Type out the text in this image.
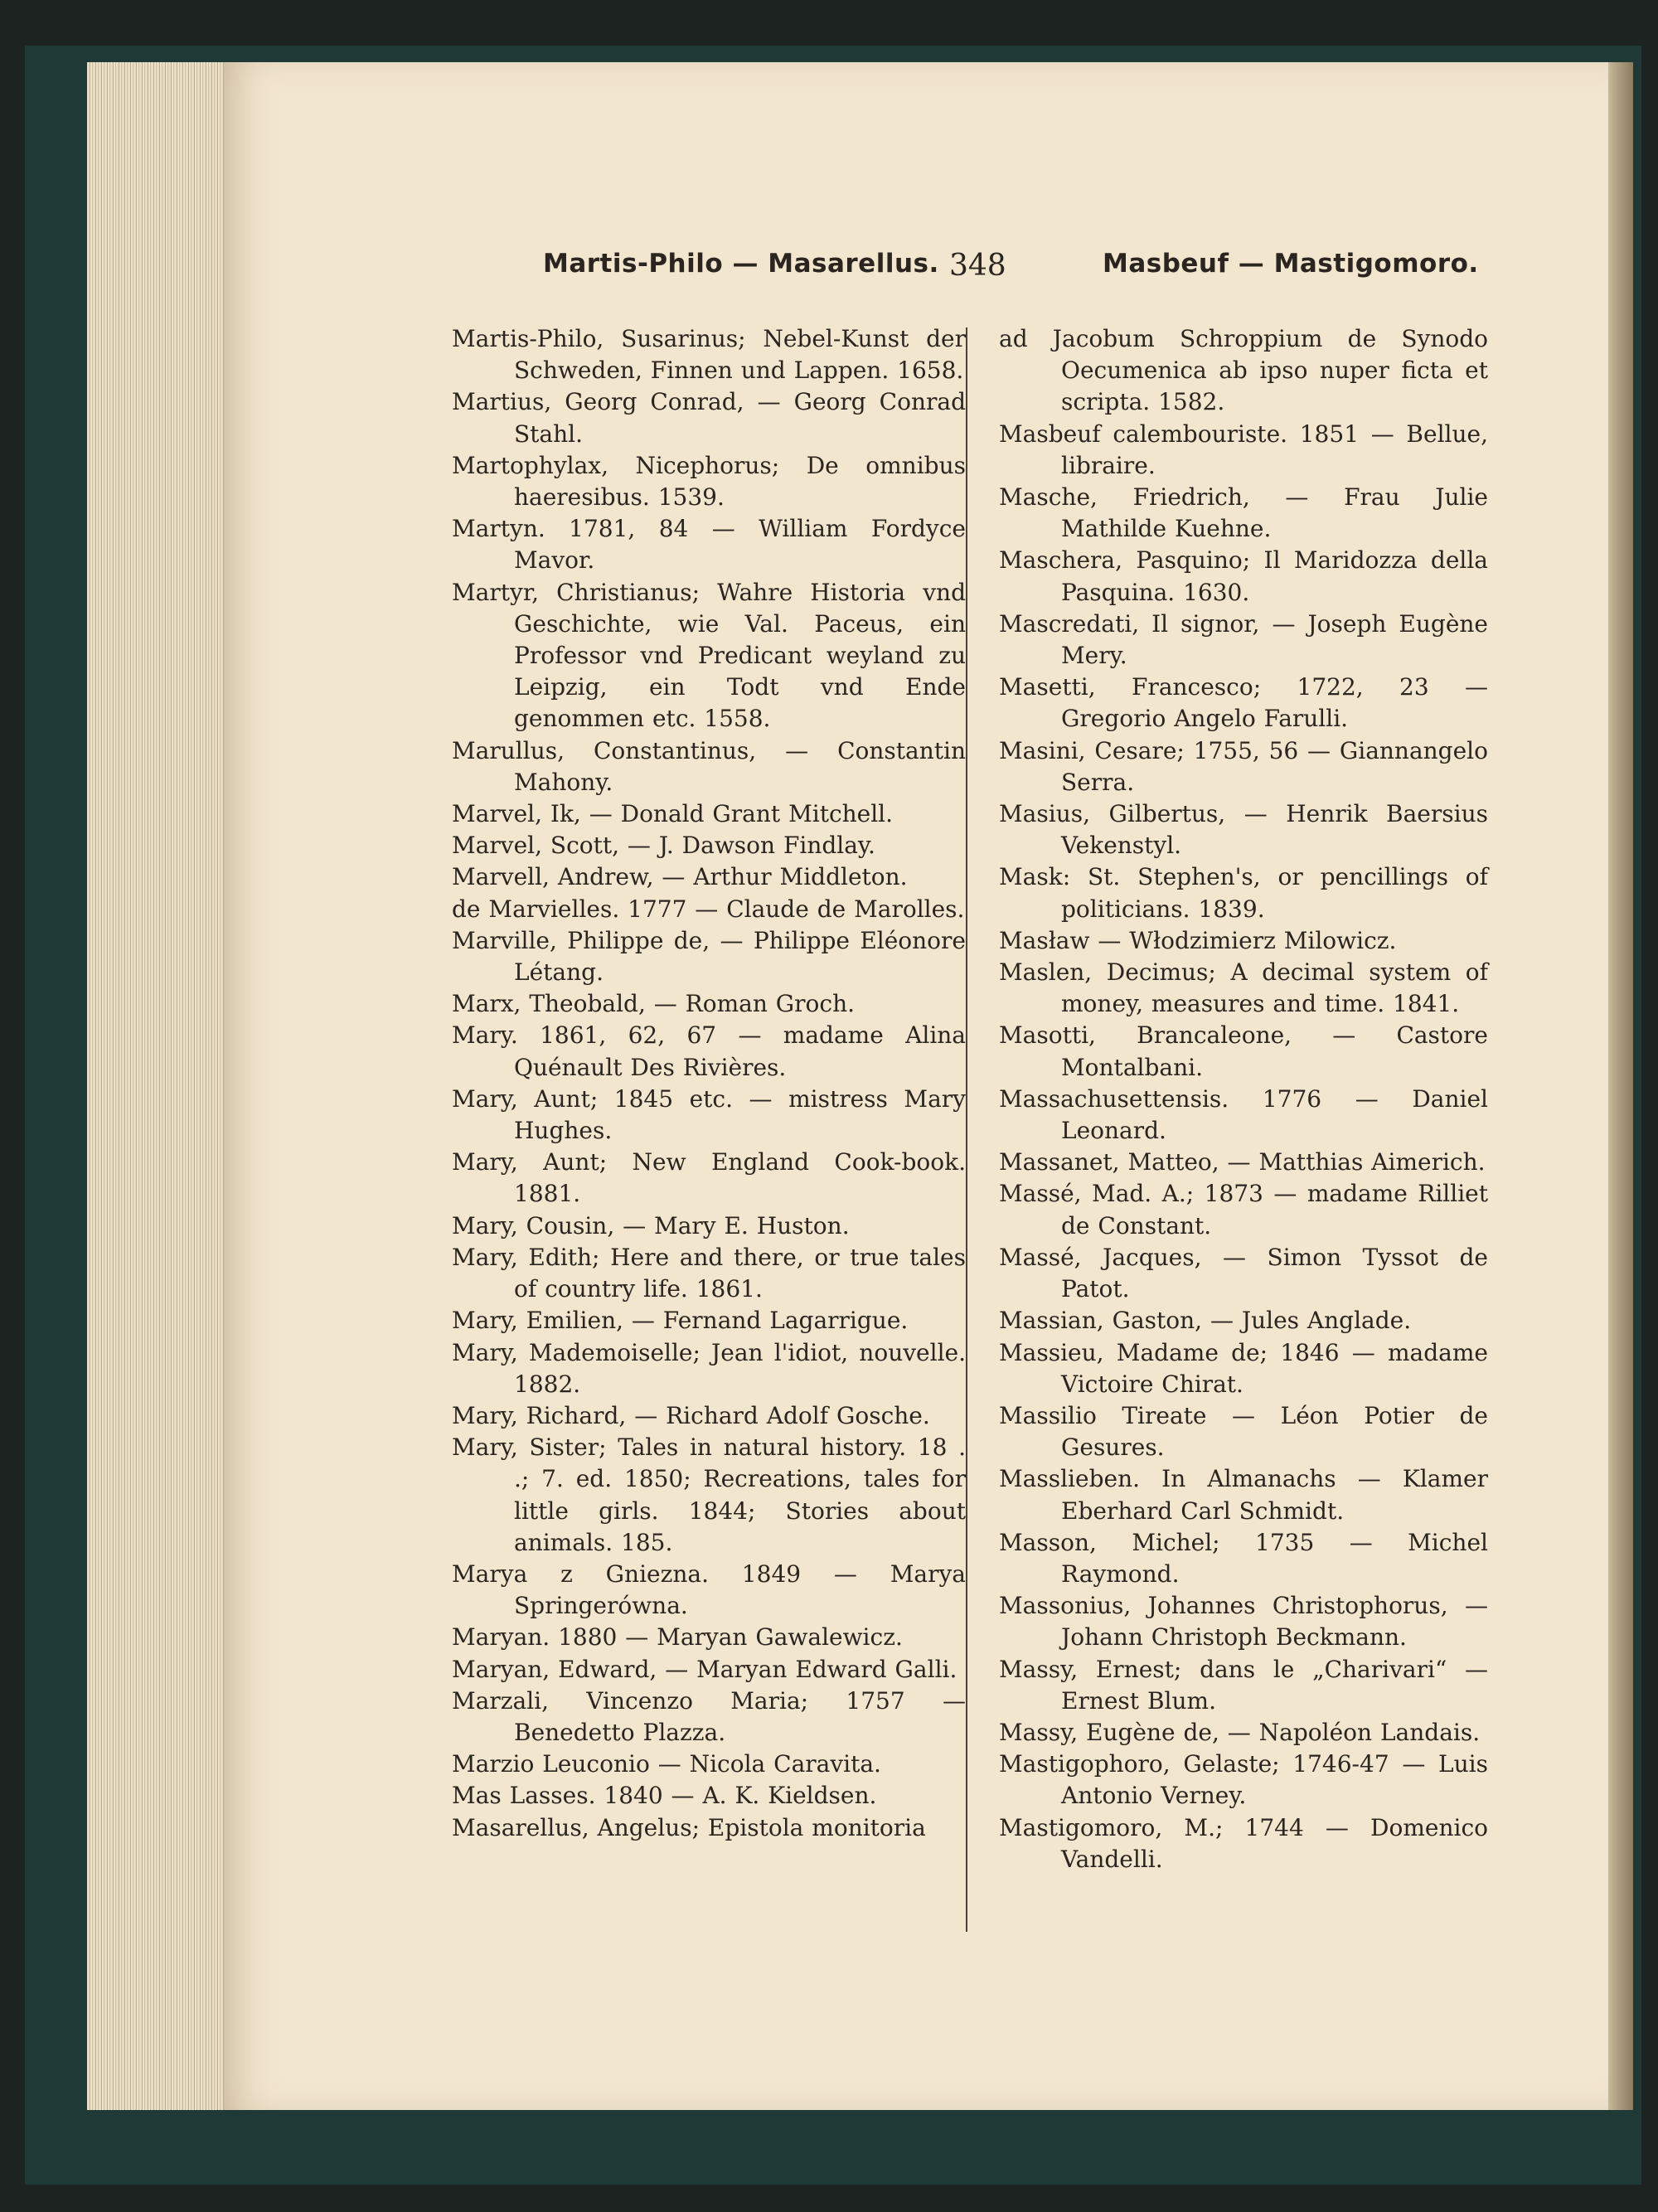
Martis-Philo — Masarellus. 348	Masbeuf — Mastigomoro.
Martis-Philo, Susarinus; Nebel-Kunst der Schweden, Finnen und Lappen. 1658.
Martius, Georg Conrad, — Georg Conrad Stahl.
Martophylax, Nicephorus; De omnibus haeresibus. 1539.
Martyn. 1781, 84 — William Fordyce Mavor.
Martyr, Christianus; Wahre Historia vnd Geschichte, wie Val. Paceus, ein Professor vnd Predicant weyland zu Leipzig, ein Todt vnd Ende genommen etc. 1558.
Marullus, Constantinus, — Constantin Mahony.
Marvel, Ik, — Donald Grant Mitchell.
Marvel, Scott, — J. Dawson Findlay.
Marvell, Andrew, — Arthur Middleton.
de Marvielles. 1777 — Claude de Marolles.
Marville, Philippe de, — Philippe Eléonore Létang.
Marx, Theobald, — Roman Groch.
Mary. 1861, 62, 67 — madame Alina Quénault Des Rivières.
Mary, Aunt; 1845 etc. — mistress Mary Hughes.
Mary, Aunt; New England Cook-book. 1881.
Mary, Cousin, — Mary E. Huston.
Mary, Edith; Here and there, or true tales of country life. 1861.
Mary, Emilien, — Fernand Lagarrigue.
Mary, Mademoiselle; Jean l'idiot, nouvelle. 1882.
Mary, Richard, — Richard Adolf Gosche.
Mary, Sister; Tales in natural history. 18 . .; 7. ed. 1850; Recreations, tales for little girls. 1844; Stories about animals. 185.
Marya z Gniezna. 1849 — Marya Springerówna.
Maryan. 1880 — Maryan Gawalewicz.
Maryan, Edward, — Maryan Edward Galli.
Marzali, Vincenzo Maria; 1757 — Benedetto Plazza.
Marzio Leuconio — Nicola Caravita.
Mas Lasses. 1840 — A. K. Kieldsen.
Masarellus, Angelus; Epistola monitoria
ad Jacobum Schroppium de Synodo Oecumenica ab ipso nuper ficta et scripta. 1582.
Masbeuf calembouriste. 1851 — Bellue, libraire.
Masche, Friedrich, — Frau Julie Mathilde Kuehne.
Maschera, Pasquino; Il Maridozza della Pasquina. 1630.
Mascredati, Il signor, — Joseph Eugène Mery.
Masetti, Francesco; 1722, 23 — Gregorio Angelo Farulli.
Masini, Cesare; 1755, 56 — Giannangelo Serra.
Masius, Gilbertus, — Henrik Baersius Vekenstyl.
Mask: St. Stephen's, or pencillings of politicians. 1839.
Masław — Włodzimierz Milowicz.
Maslen, Decimus; A decimal system of money, measures and time. 1841.
Masotti, Brancaleone, — Castore Montalbani.
Massachusettensis. 1776 — Daniel Leonard.
Massanet, Matteo, — Matthias Aimerich.
Massé, Mad. A.; 1873 — madame Rilliet de Constant.
Massé, Jacques, — Simon Tyssot de Patot.
Massian, Gaston, — Jules Anglade.
Massieu, Madame de; 1846 — madame Victoire Chirat.
Massilio Tireate — Léon Potier de Gesures.
Masslieben. In Almanachs — Klamer Eberhard Carl Schmidt.
Masson, Michel; 1735 — Michel Raymond.
Massonius, Johannes Christophorus, — Johann Christoph Beckmann.
Massy, Ernest; dans le „Charivari“ — Ernest Blum.
Massy, Eugène de, — Napoléon Landais.
Mastigophoro, Gelaste; 1746-47 — Luis Antonio Verney.
Mastigomoro, M.; 1744 — Domenico Vandelli.
